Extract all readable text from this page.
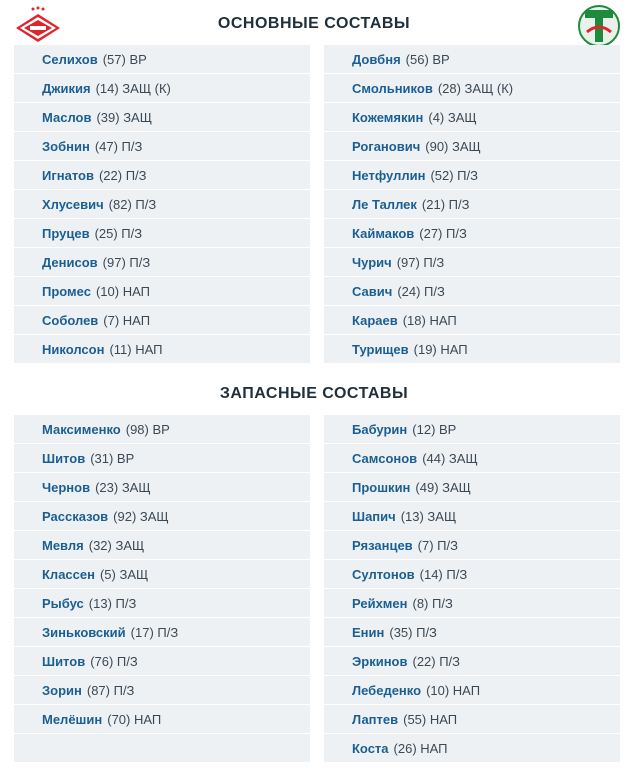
ОСНОВНЫЕ СОСТАВЫ
Селихов (57) ВР
Джикия (14) ЗАЩ (К)
Маслов (39) ЗАЩ
Зобнин (47) П/З
Игнатов (22) П/З
Хлусевич (82) П/З
Пруцев (25) П/З
Денисов (97) П/З
Промес (10) НАП
Соболев (7) НАП
Николсон (11) НАП
Довбня (56) ВР
Смольников (28) ЗАЩ (К)
Кожемякин (4) ЗАЩ
Роганович (90) ЗАЩ
Нетфуллин (52) П/З
Ле Таллек (21) П/З
Каймаков (27) П/З
Чурич (97) П/З
Савич (24) П/З
Караев (18) НАП
Турищев (19) НАП
ЗАПАСНЫЕ СОСТАВЫ
Максименко (98) ВР
Шитов (31) ВР
Чернов (23) ЗАЩ
Рассказов (92) ЗАЩ
Мевля (32) ЗАЩ
Классен (5) ЗАЩ
Рыбус (13) П/З
Зиньковский (17) П/З
Шитов (76) П/З
Зорин (87) П/З
Мелёшин (70) НАП
Бабурин (12) ВР
Самсонов (44) ЗАЩ
Прошкин (49) ЗАЩ
Шапич (13) ЗАЩ
Рязанцев (7) П/З
Султонов (14) П/З
Рейхмен (8) П/З
Енин (35) П/З
Эркинов (22) П/З
Лебеденко (10) НАП
Лаптев (55) НАП
Коста (26) НАП
